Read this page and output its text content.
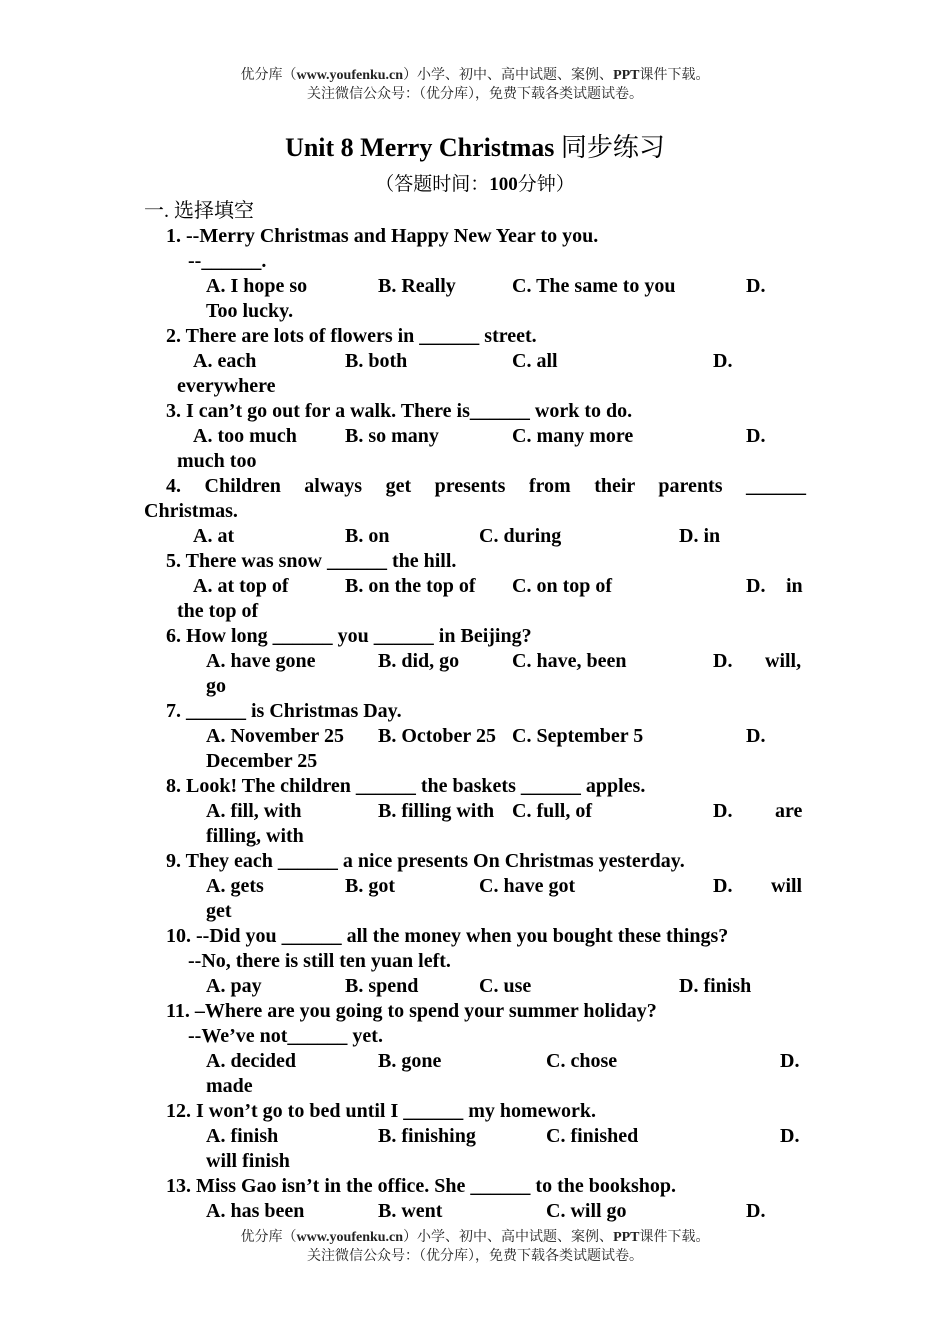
优分库（www.youfenku.cn）小学、初中、高中试题、案例、PPT课件下载。
关注微信公众号：（优分库），免费下载各类试题试卷。
Unit 8 Merry Christmas 同步练习
（答题时间：100分钟）
一. 选择填空
1. --Merry Christmas and Happy New Year to you.
--______.
A. I hope so	B. Really	C. The same to you	D.
Too lucky.
2. There are lots of flowers in ______ street.
A. each	B. both	C. all	D.
everywhere
3. I can’t go out for a walk. There is______ work to do.
A. too much B. so many	C. many more	D.
much too
4. Children always get presents from their parents ______
Christmas.
A. at	B. on	C. during	D. in
5. There was snow ______ the hill.
A. at top of	B. on the top of C. on top of	D. in
the top of
6. How long ______ you ______ in Beijing?
A. have gone	B. did, go	C. have, been	D. will,
go
7. ______ is Christmas Day.
A. November 25 B. October 25 C. September 5	D.
December 25
8. Look! The children ______ the baskets ______ apples.
A. fill, with	B. filling with C. full, of	D. are
filling, with
9. They each ______ a nice presents On Christmas yesterday.
A. gets	B. got	C. have got	D. will
get
10. --Did you ______ all the money when you bought these things?
--No, there is still ten yuan left.
A. pay	B. spend	C. use	D. finish
11. –Where are you going to spend your summer holiday?
--We’ve not______ yet.
A. decided	B. gone	C. chose	D.
made
12. I won’t go to bed until I ______ my homework.
A. finish	B. finishing	C. finished	D.
will finish
13. Miss Gao isn’t in the office. She ______ to the bookshop.
A. has been	B. went	C. will go	D.
优分库（www.youfenku.cn）小学、初中、高中试题、案例、PPT课件下载。
关注微信公众号：（优分库），免费下载各类试题试卷。
